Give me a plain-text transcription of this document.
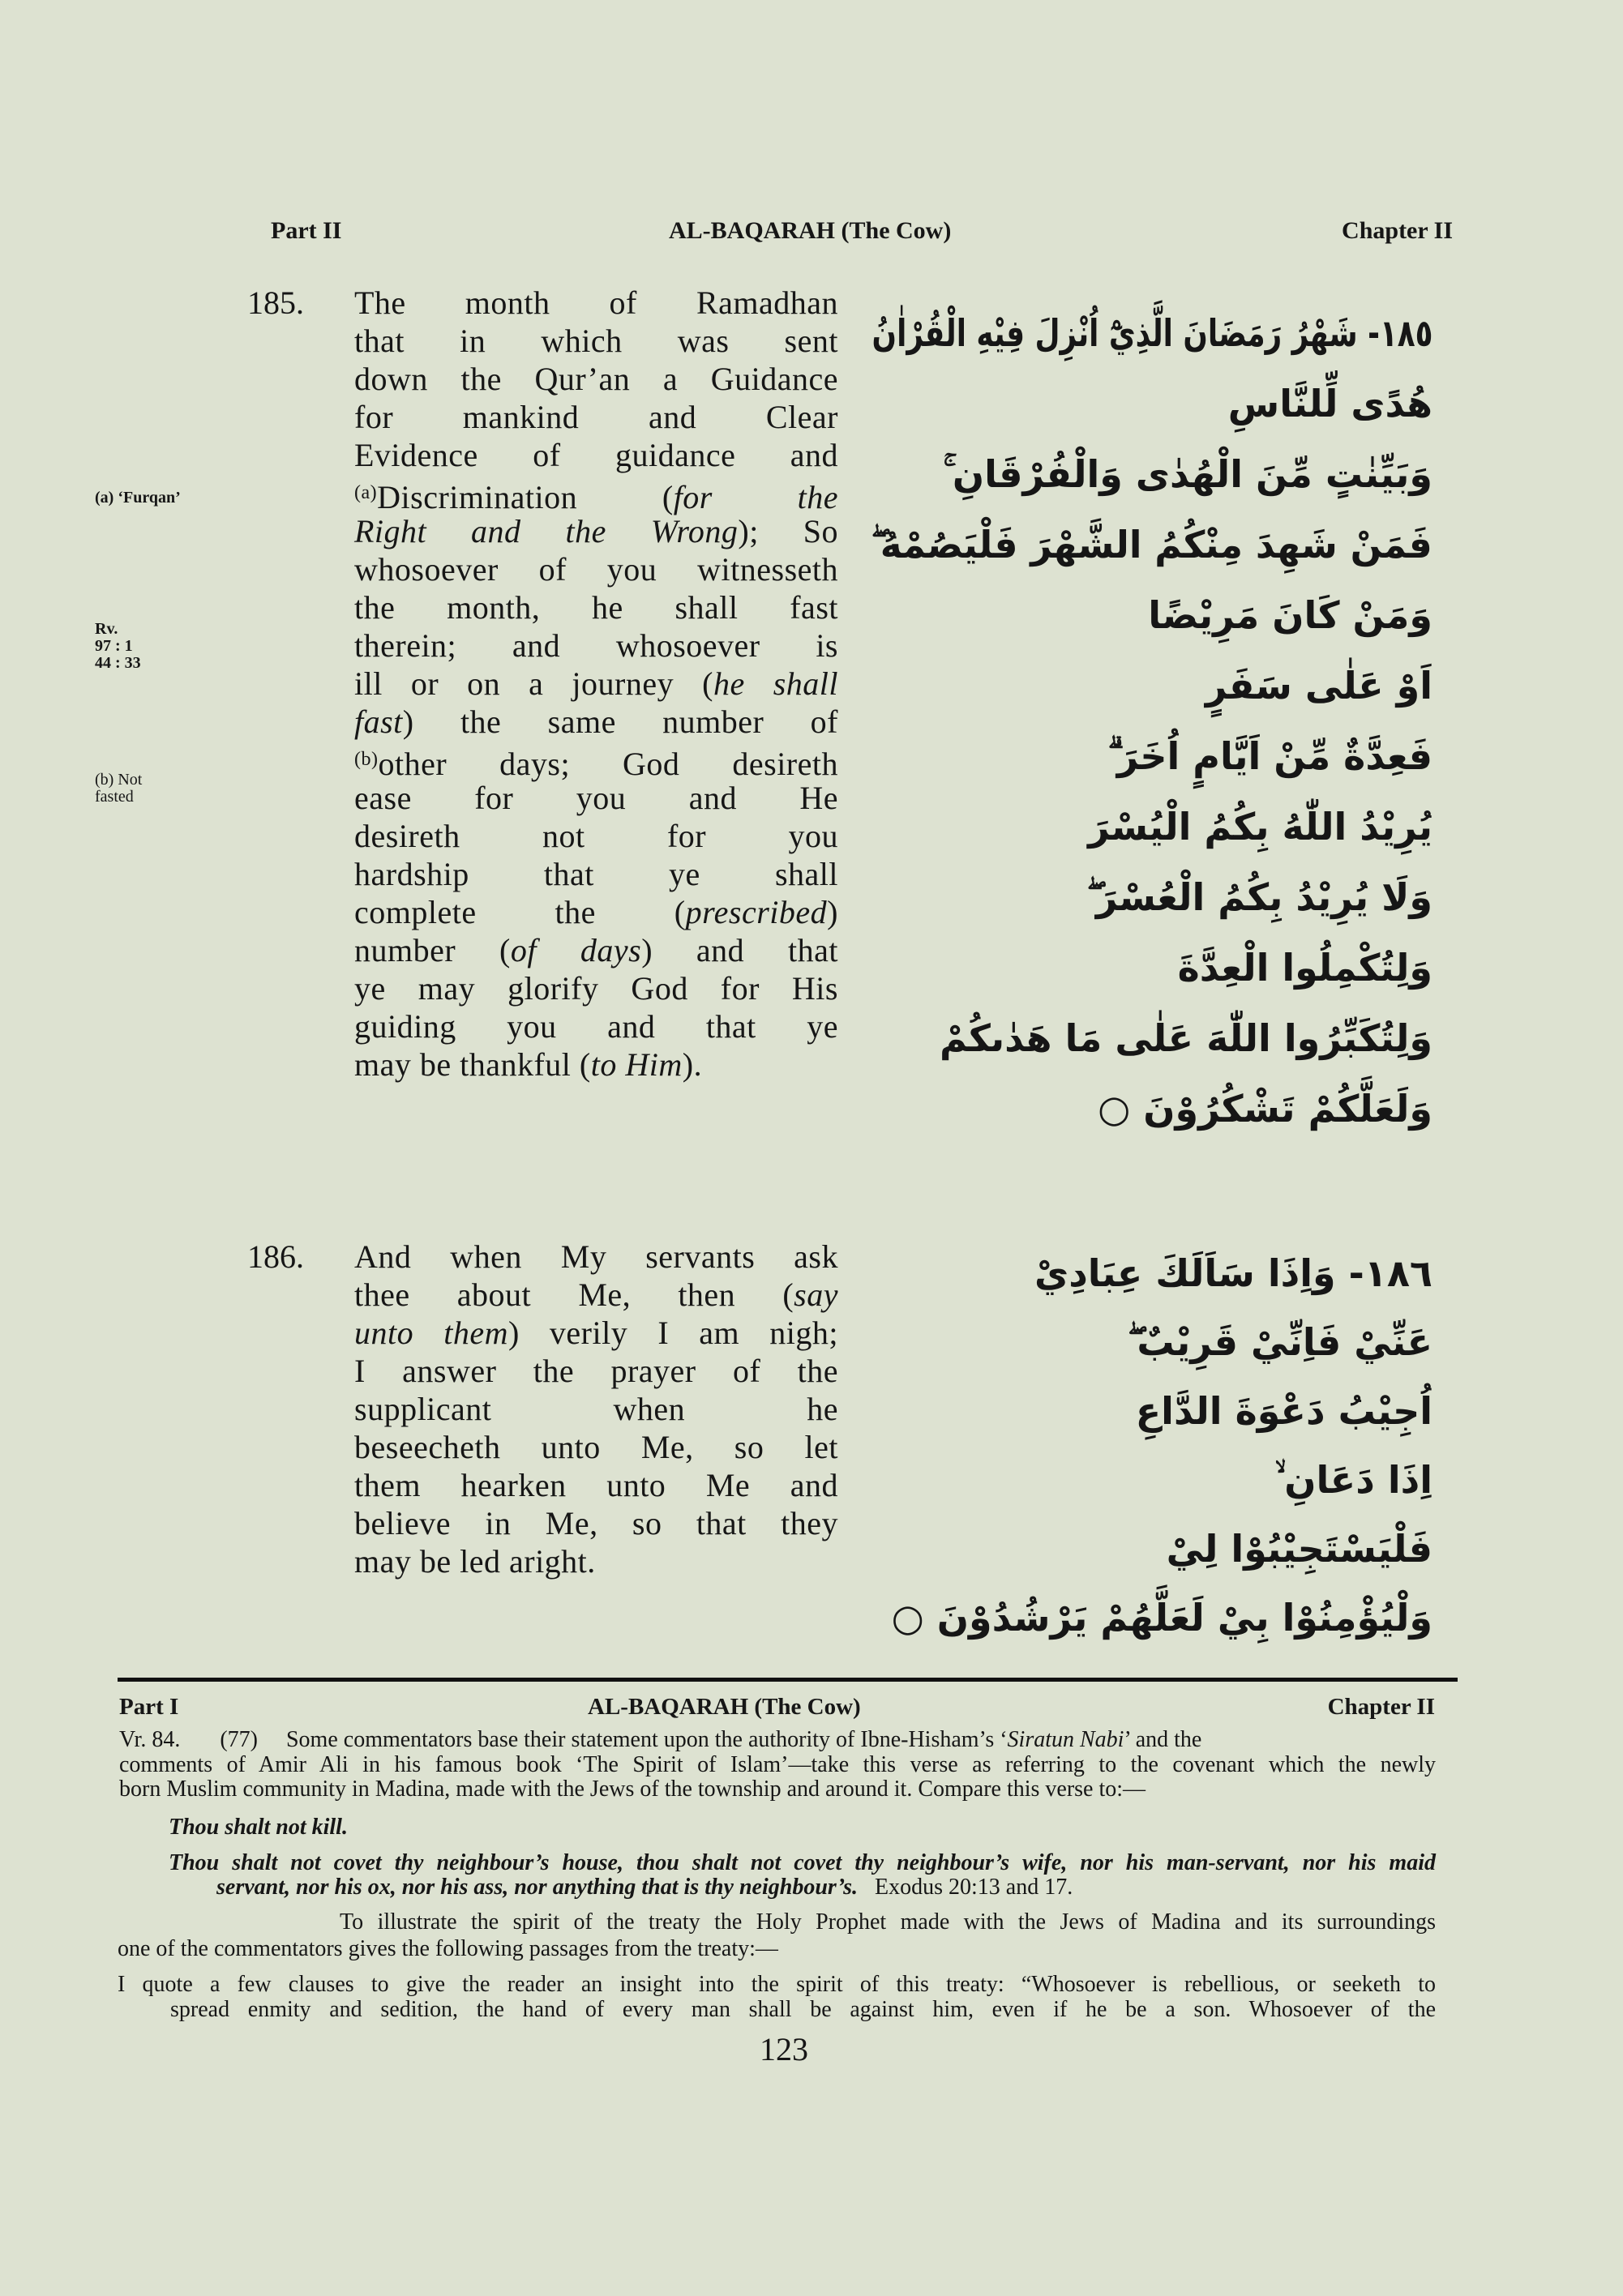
Part II	AL-BAQARAH (The Cow)	Chapter II
185. The month of Ramadhan
that in which was sent
down the Qur’an a Guidance
for mankind and Clear
Evidence of guidance and
$^{(a)}$Discrimination (for the
Right and the Wrong); So
whosoever of you witnesseth
the month, he shall fast
therein; and whosoever is
ill or on a journey (he shall
fast) the same number of
$^{(b)}$other days; God desireth
ease for you and He
desireth not for you
hardship that ye shall
complete the (prescribed)
number (of days) and that
ye may glorify God for His
guiding you and that ye
may be thankful (to Him).
186. And when My servants ask
thee about Me, then (say
unto them) verily I am nigh;
I answer the prayer of the
supplicant when he
beseecheth unto Me, so let
them hearken unto Me and
believe in Me, so that they
may be led aright.
(a) ‘Furqan’
Rv.
97 : 1
44 : 33
(b) Not
fasted
Part I	AL-BAQARAH (The Cow)	Chapter II
Vr. 84. (77) Some commentators base their statement upon the authority of Ibne-Hisham’s ‘Siratun Nabi’ and the
comments of Amir Ali in his famous book ‘The Spirit of Islam’—take this verse as referring to the covenant which the newly
born Muslim community in Madina, made with the Jews of the township and around it. Compare this verse to:—
Thou shalt not kill.
Thou shalt not covet thy neighbour’s house, thou shalt not covet thy neighbour’s wife, nor his man-servant, nor his maid
servant, nor his ox, nor his ass, nor anything that is thy neighbour’s. Exodus 20:13 and 17.
To illustrate the spirit of the treaty the Holy Prophet made with the Jews of Madina and its surroundings
one of the commentators gives the following passages from the treaty:—
I quote a few clauses to give the reader an insight into the spirit of this treaty: “Whosoever is rebellious, or seeketh to
spread enmity and sedition, the hand of every man shall be against him, even if he be a son. Whosoever of the
123
١٨٥- شَهْرُ رَمَضَانَ الَّذِيْٓ اُنْزِلَ فِيْهِ الْقُرْاٰنُ
هُدًى لِّلنَّاسِ
وَبَيِّنٰتٍ مِّنَ الْهُدٰى وَالْفُرْقَانِ ۚ
فَمَنْ شَهِدَ مِنْكُمُ الشَّهْرَ فَلْيَصُمْهُ ۖ
وَمَنْ كَانَ مَرِيْضًا
اَوْ عَلٰى سَفَرٍ
فَعِدَّةٌ مِّنْ اَيَّامٍ اُخَرَ ۗ
يُرِيْدُ اللّٰهُ بِكُمُ الْيُسْرَ
وَلَا يُرِيْدُ بِكُمُ الْعُسْرَ ۖ
وَلِتُكْمِلُوا الْعِدَّةَ
وَلِتُكَبِّرُوا اللّٰهَ عَلٰى مَا هَدٰىكُمْ
وَلَعَلَّكُمْ تَشْكُرُوْنَ ○
١٨٦- وَاِذَا سَاَلَكَ عِبَادِيْ
عَنِّيْ فَاِنِّيْ قَرِيْبٌ ۖ
اُجِيْبُ دَعْوَةَ الدَّاعِ
اِذَا دَعَانِ ۙ
فَلْيَسْتَجِيْبُوْا لِيْ
وَلْيُؤْمِنُوْا بِيْ لَعَلَّهُمْ يَرْشُدُوْنَ ○
